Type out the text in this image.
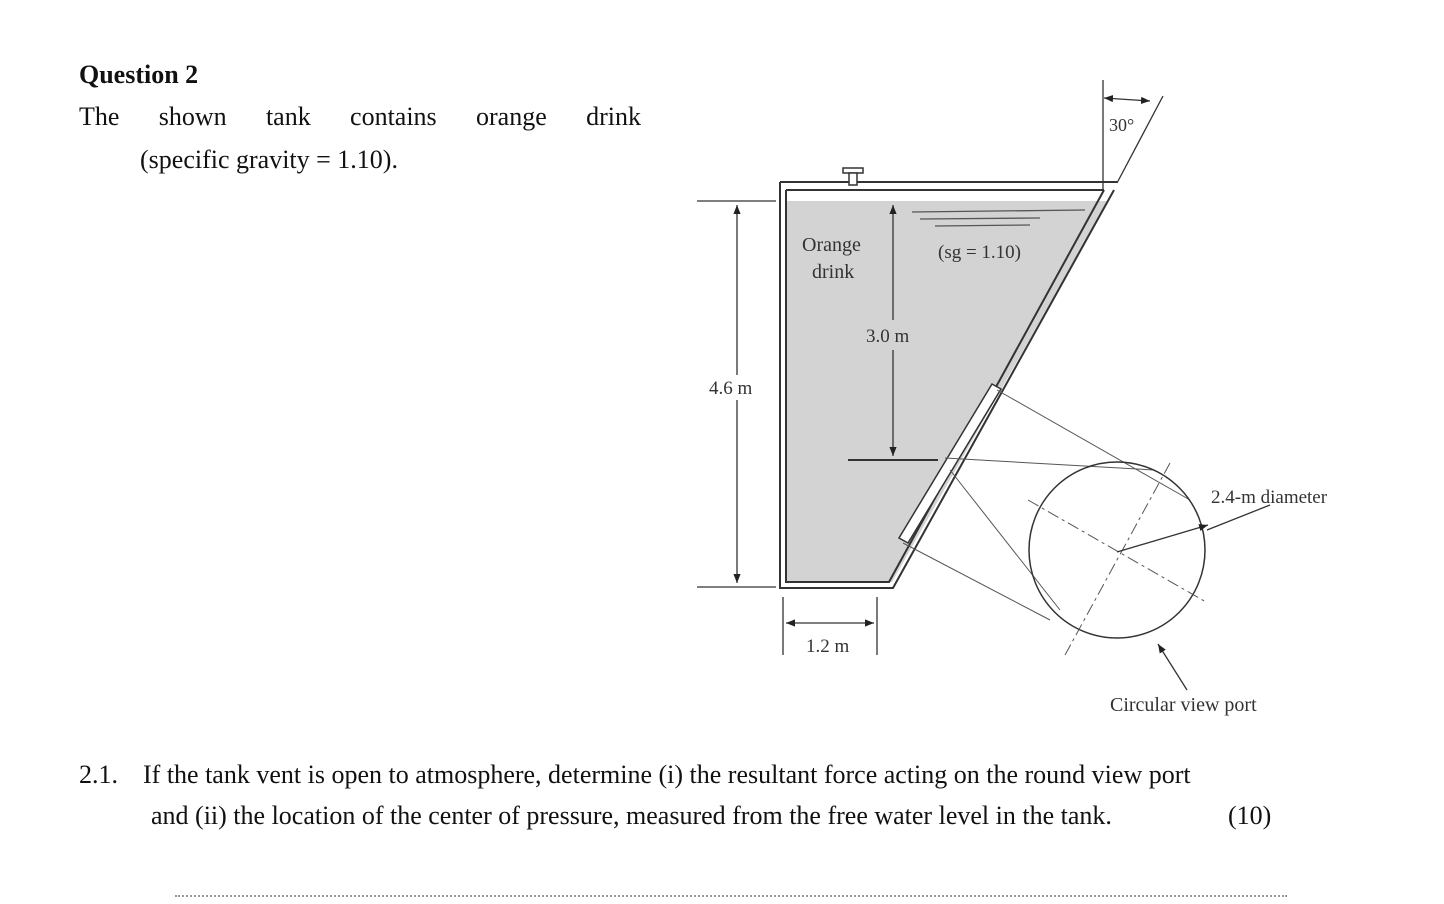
Question 2
The shown tank contains orange drink
(specific gravity = 1.10).
30°
2.4-m diameter
Circular view port
Orange
drink
(sg = 1.10)
3.0 m
4.6 m
1.2 m
2.1. If the tank vent is open to atmosphere, determine (i) the resultant force acting on the round view port
and (ii) the location of the center of pressure, measured from the free water level in the tank.	(10)
